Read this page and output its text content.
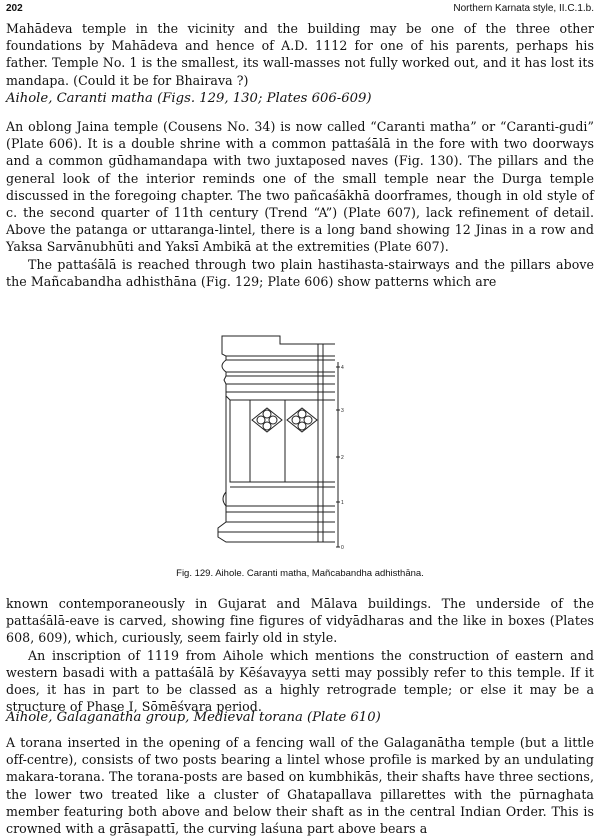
202	Northern Karnata style, II.C.1.b.

Mahādeva temple in the vicinity and the building may be one of the three other foundations by Mahādeva and hence of A.D. 1112 for one of his parents, perhaps his father. Temple No. 1 is the smallest, its wall-masses not fully worked out, and it has lost its mandapa. (Could it be for Bhairava ?)

Aihole, Caranti matha (Figs. 129, 130; Plates 606-609)

An oblong Jaina temple (Cousens No. 34) is now called “Caranti matha” or “Caranti-gudi” (Plate 606). It is a double shrine with a common pattaśālā in the fore with two doorways and a common gūdhamandapa with two juxtaposed naves (Fig. 130). The pillars and the general look of the interior reminds one of the small temple near the Durga temple discussed in the foregoing chapter. The two pañcaśākhā doorframes, though in old style of c. the second quarter of 11th century (Trend “A”) (Plate 607), lack refinement of detail. Above the patanga or uttaranga-lintel, there is a long band showing 12 Jinas in a row and Yaksa Sarvānubhūti and Yaksī Ambikā at the extremities (Plate 607).

The pattaśālā is reached through two plain hastihasta-stairways and the pillars above the Mañcabandha adhisthāna (Fig. 129; Plate 606) show patterns which are

4
3
2
1
0
Fig. 129. Aihole. Caranti matha, Mañcabandha adhisthāna.

known contemporaneously in Gujarat and Mālava buildings. The underside of the pattaśālā-eave is carved, showing fine figures of vidyādharas and the like in boxes (Plates 608, 609), which, curiously, seem fairly old in style.

An inscription of 1119 from Aihole which mentions the construction of eastern and western basadi with a pattaśālā by Kēśavayya setti may possibly refer to this temple. If it does, it has in part to be classed as a highly retrograde temple; or else it may be a structure of Phase I, Sōmēśvara period.

Aihole, Galaganātha group, Medieval torana (Plate 610)

A torana inserted in the opening of a fencing wall of the Galaganātha temple (but a little off-centre), consists of two posts bearing a lintel whose profile is marked by an undulating makara-torana. The torana-posts are based on kumbhikās, their shafts have three sections, the lower two treated like a cluster of Ghatapallava pillarettes with the pūrnaghata member featuring both above and below their shaft as in the central Indian Order. This is crowned with a grāsapattī, the curving laśuna part above bears a
